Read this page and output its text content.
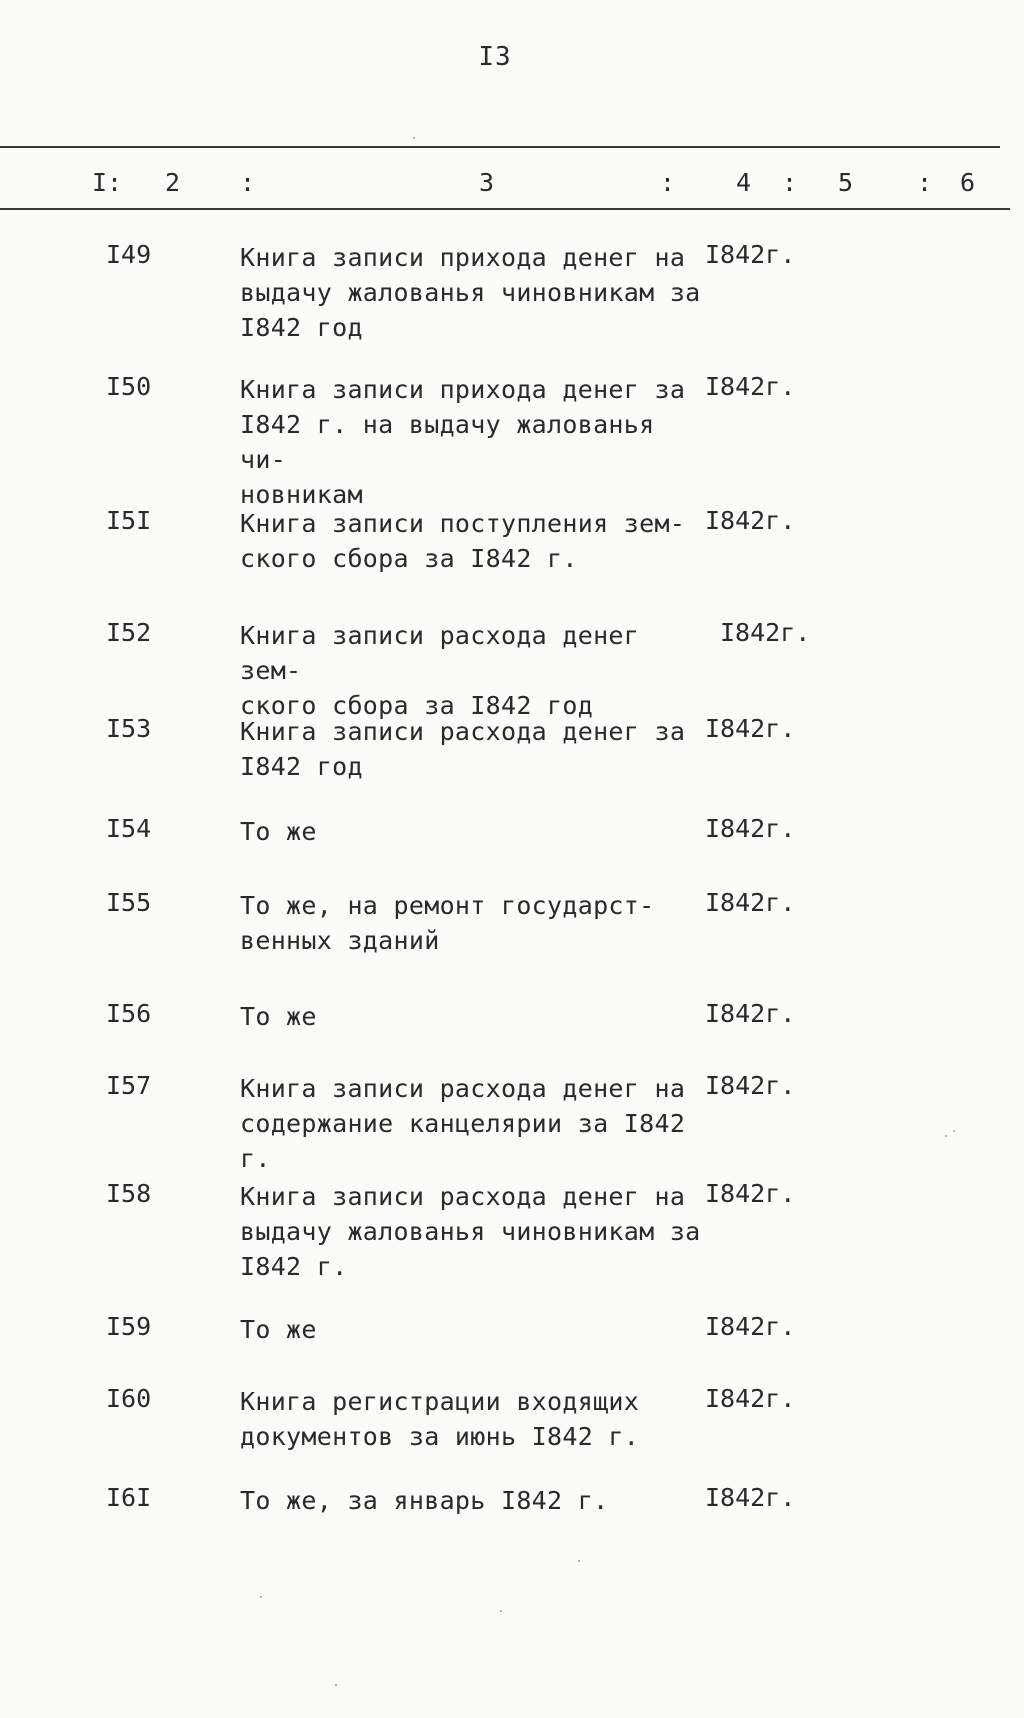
I3
I: 2 :	3	: 4 : 5	: 6
I49	Книга записи прихода денег на
выдачу жалованья чиновникам за
I842 год
I842г.
I50	Книга записи прихода денег за
I842 г. на выдачу жалованья чи-
новникам
I842г.
I5I	Книга записи поступления зем-
ского сбора за I842 г.
I842г.
I52	Книга записи расхода денег зем-
ского сбора за I842 год
I842г.
I53	Книга записи расхода денег за
I842 год
I842г.
I54	То же	I842г.
I55	То же, на ремонт государст-
венных зданий
I842г.
I56	То же	I842г.
I57	Книга записи расхода денег на
содержание канцелярии за I842 г.
I842г.
I58	Книга записи расхода денег на
выдачу жалованья чиновникам за
I842 г.
I842г.
I59	То же	I842г.
I60	Книга регистрации входящих
документов за июнь I842 г.
I842г.
I6I	То же, за январь I842 г.	I842г.
